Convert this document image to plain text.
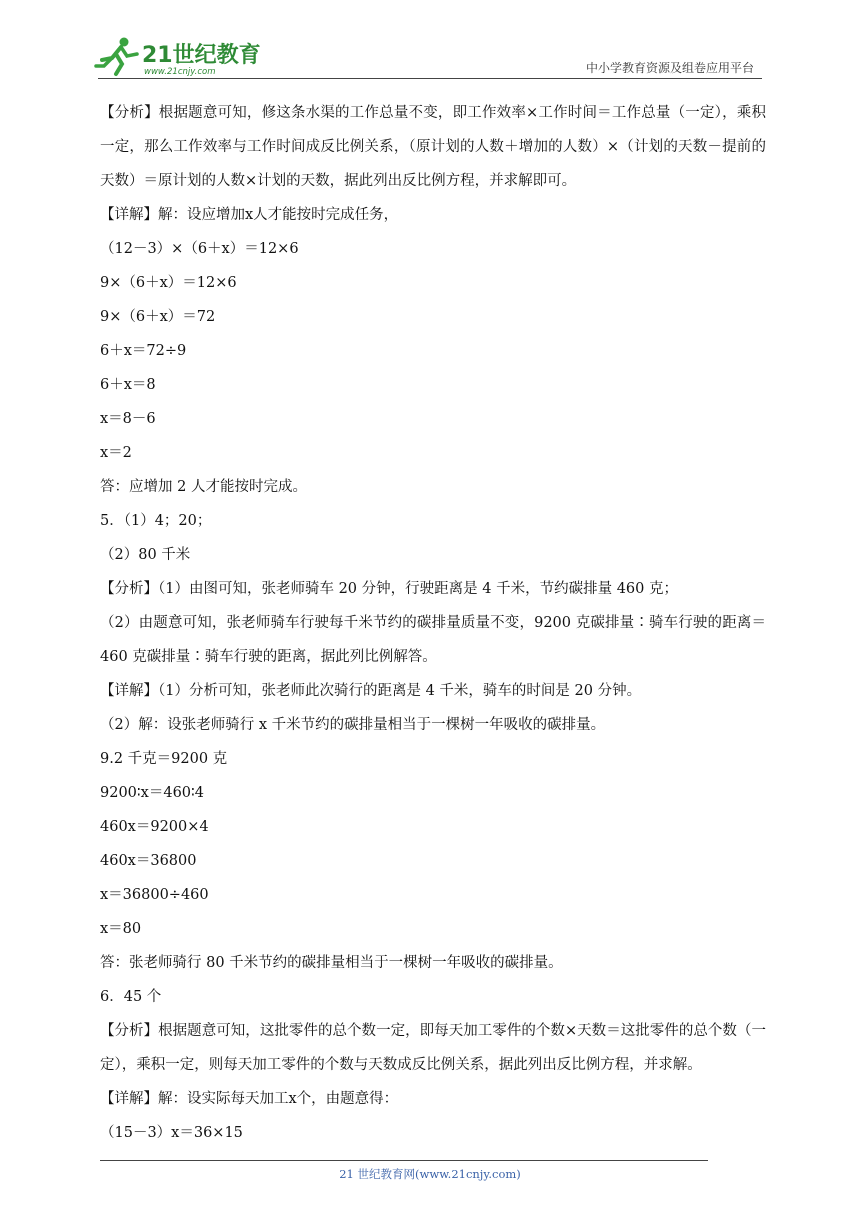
21世纪教育
www.21cnjy.com	中小学教育资源及组卷应用平台

【分析】根据题意可知，修这条水渠的工作总量不变，即工作效率×工作时间＝工作总量（一定），乘积一定，那么工作效率与工作时间成反比例关系，（原计划的人数＋增加的人数）×（计划的天数－提前的天数）＝原计划的人数×计划的天数，据此列出反比例方程，并求解即可。

【详解】解：设应增加x人才能按时完成任务，

（12－3）×（6＋x）＝12×6

9×（6＋x）＝12×6

9×（6＋x）＝72

6＋x＝72÷9

6＋x＝8

x＝8－6

x＝2

答：应增加 2 人才能按时完成。

5．（1）4；20；

（2）80 千米

【分析】（1）由图可知，张老师骑车 20 分钟，行驶距离是 4 千米，节约碳排量 460 克；

（2）由题意可知，张老师骑车行驶每千米节约的碳排量质量不变，9200 克碳排量∶骑车行驶的距离＝460 克碳排量∶骑车行驶的距离，据此列比例解答。

【详解】（1）分析可知，张老师此次骑行的距离是 4 千米，骑车的时间是 20 分钟。

（2）解：设张老师骑行 x 千米节约的碳排量相当于一棵树一年吸收的碳排量。

9.2 千克＝9200 克

9200∶x＝460∶4

460x＝9200×4

460x＝36800

x＝36800÷460

x＝80

答：张老师骑行 80 千米节约的碳排量相当于一棵树一年吸收的碳排量。

6．45 个

【分析】根据题意可知，这批零件的总个数一定，即每天加工零件的个数×天数＝这批零件的总个数（一定），乘积一定，则每天加工零件的个数与天数成反比例关系，据此列出反比例方程，并求解。

【详解】解：设实际每天加工x个，由题意得：

（15－3）x＝36×15

21 世纪教育网(www.21cnjy.com)
